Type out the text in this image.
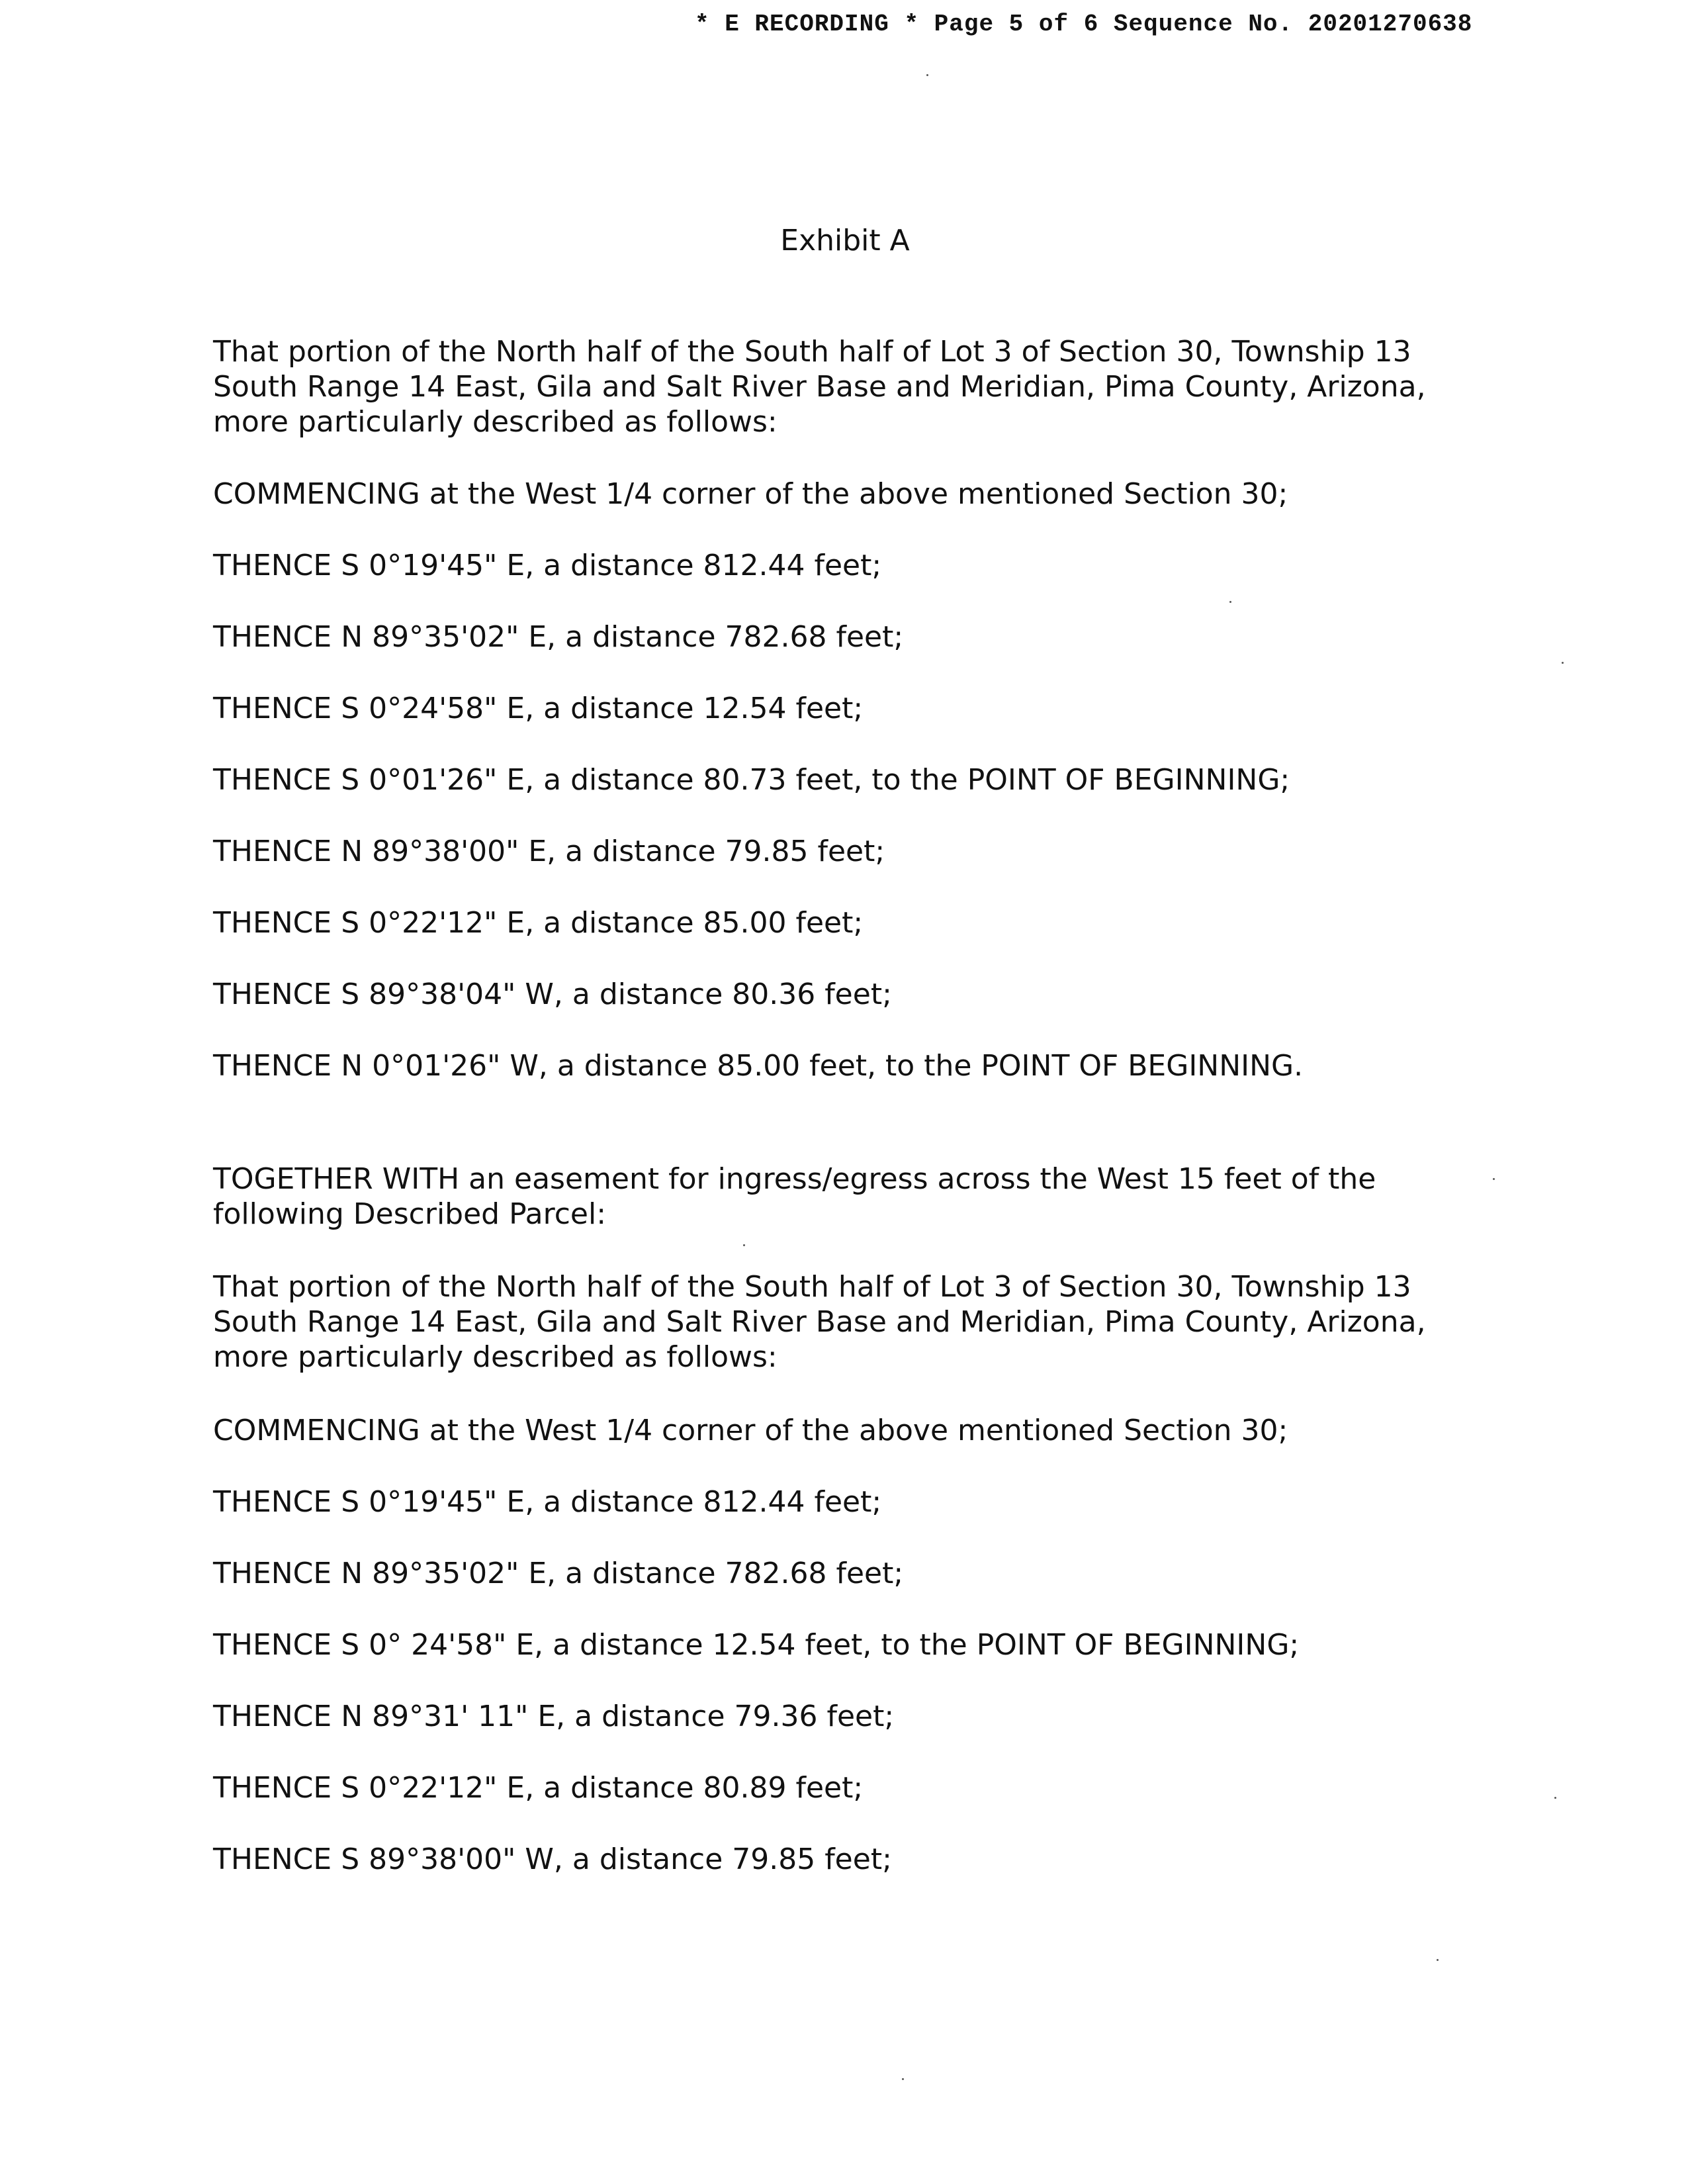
* E RECORDING * Page 5 of 6 Sequence No. 20201270638
Exhibit A
That portion of the North half of the South half of Lot 3 of Section 30, Township 13 South Range 14 East, Gila and Salt River Base and Meridian, Pima County, Arizona, more particularly described as follows:
COMMENCING at the West 1/4 corner of the above mentioned Section 30;
THENCE S 0°19'45" E, a distance 812.44 feet;
THENCE N 89°35'02" E, a distance 782.68 feet;
THENCE S 0°24'58" E, a distance 12.54 feet;
THENCE S 0°01'26" E, a distance 80.73 feet, to the POINT OF BEGINNING;
THENCE N 89°38'00" E, a distance 79.85 feet;
THENCE S 0°22'12" E, a distance 85.00 feet;
THENCE S 89°38'04" W, a distance 80.36 feet;
THENCE N 0°01'26" W, a distance 85.00 feet, to the POINT OF BEGINNING.
TOGETHER WITH an easement for ingress/egress across the West 15 feet of the following Described Parcel:
That portion of the North half of the South half of Lot 3 of Section 30, Township 13 South Range 14 East, Gila and Salt River Base and Meridian, Pima County, Arizona, more particularly described as follows:
COMMENCING at the West 1/4 corner of the above mentioned Section 30;
THENCE S 0°19'45" E, a distance 812.44 feet;
THENCE N 89°35'02" E, a distance 782.68 feet;
THENCE S 0° 24'58" E, a distance 12.54 feet, to the POINT OF BEGINNING;
THENCE N 89°31' 11" E, a distance 79.36 feet;
THENCE S 0°22'12" E, a distance 80.89 feet;
THENCE S 89°38'00" W, a distance 79.85 feet;
